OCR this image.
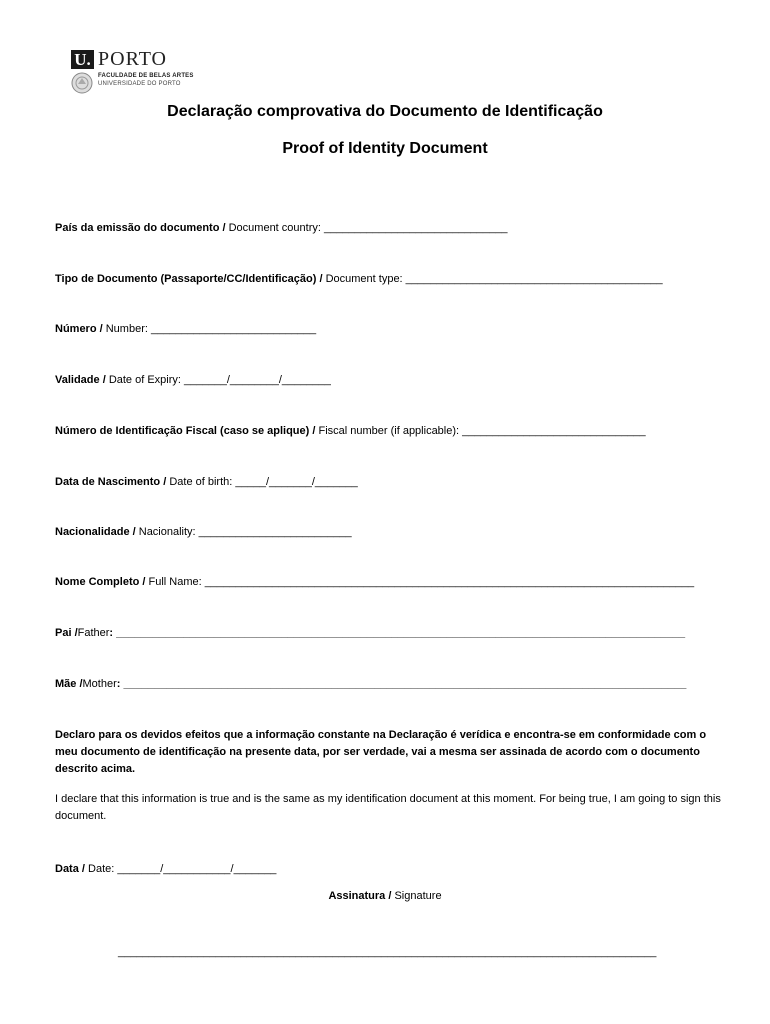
U. PORTO
FACULDADE DE BELAS ARTES
UNIVERSIDADE DO PORTO
Declaração comprovativa do Documento de Identificação
Proof of Identity Document
País da emissão do documento / Document country: ______________________________
Tipo de Documento (Passaporte/CC/Identificação) / Document type: __________________________________________
Número / Number: ___________________________
Validade / Date of Expiry: _______/________/________
Número de Identificação Fiscal (caso se aplique) / Fiscal number (if applicable): ______________________________
Data de Nascimento / Date of birth: _____/_______/_______
Nacionalidade / Nacionality: _________________________
Nome Completo / Full Name: ________________________________________________________________________________
Pai /Father: _____________________________________________________________________________________________
Mãe /Mother: ____________________________________________________________________________________________
Declaro para os devidos efeitos que a informação constante na Declaração é verídica e encontra-se em conformidade com o meu documento de identificação na presente data, por ser verdade, vai a mesma ser assinada de acordo com o documento descrito acima.
I declare that this information is true and is the same as my identification document at this moment. For being true, I am going to sign this document.
Data / Date: _______/___________/_______
Assinatura / Signature
________________________________________________________________________________________
